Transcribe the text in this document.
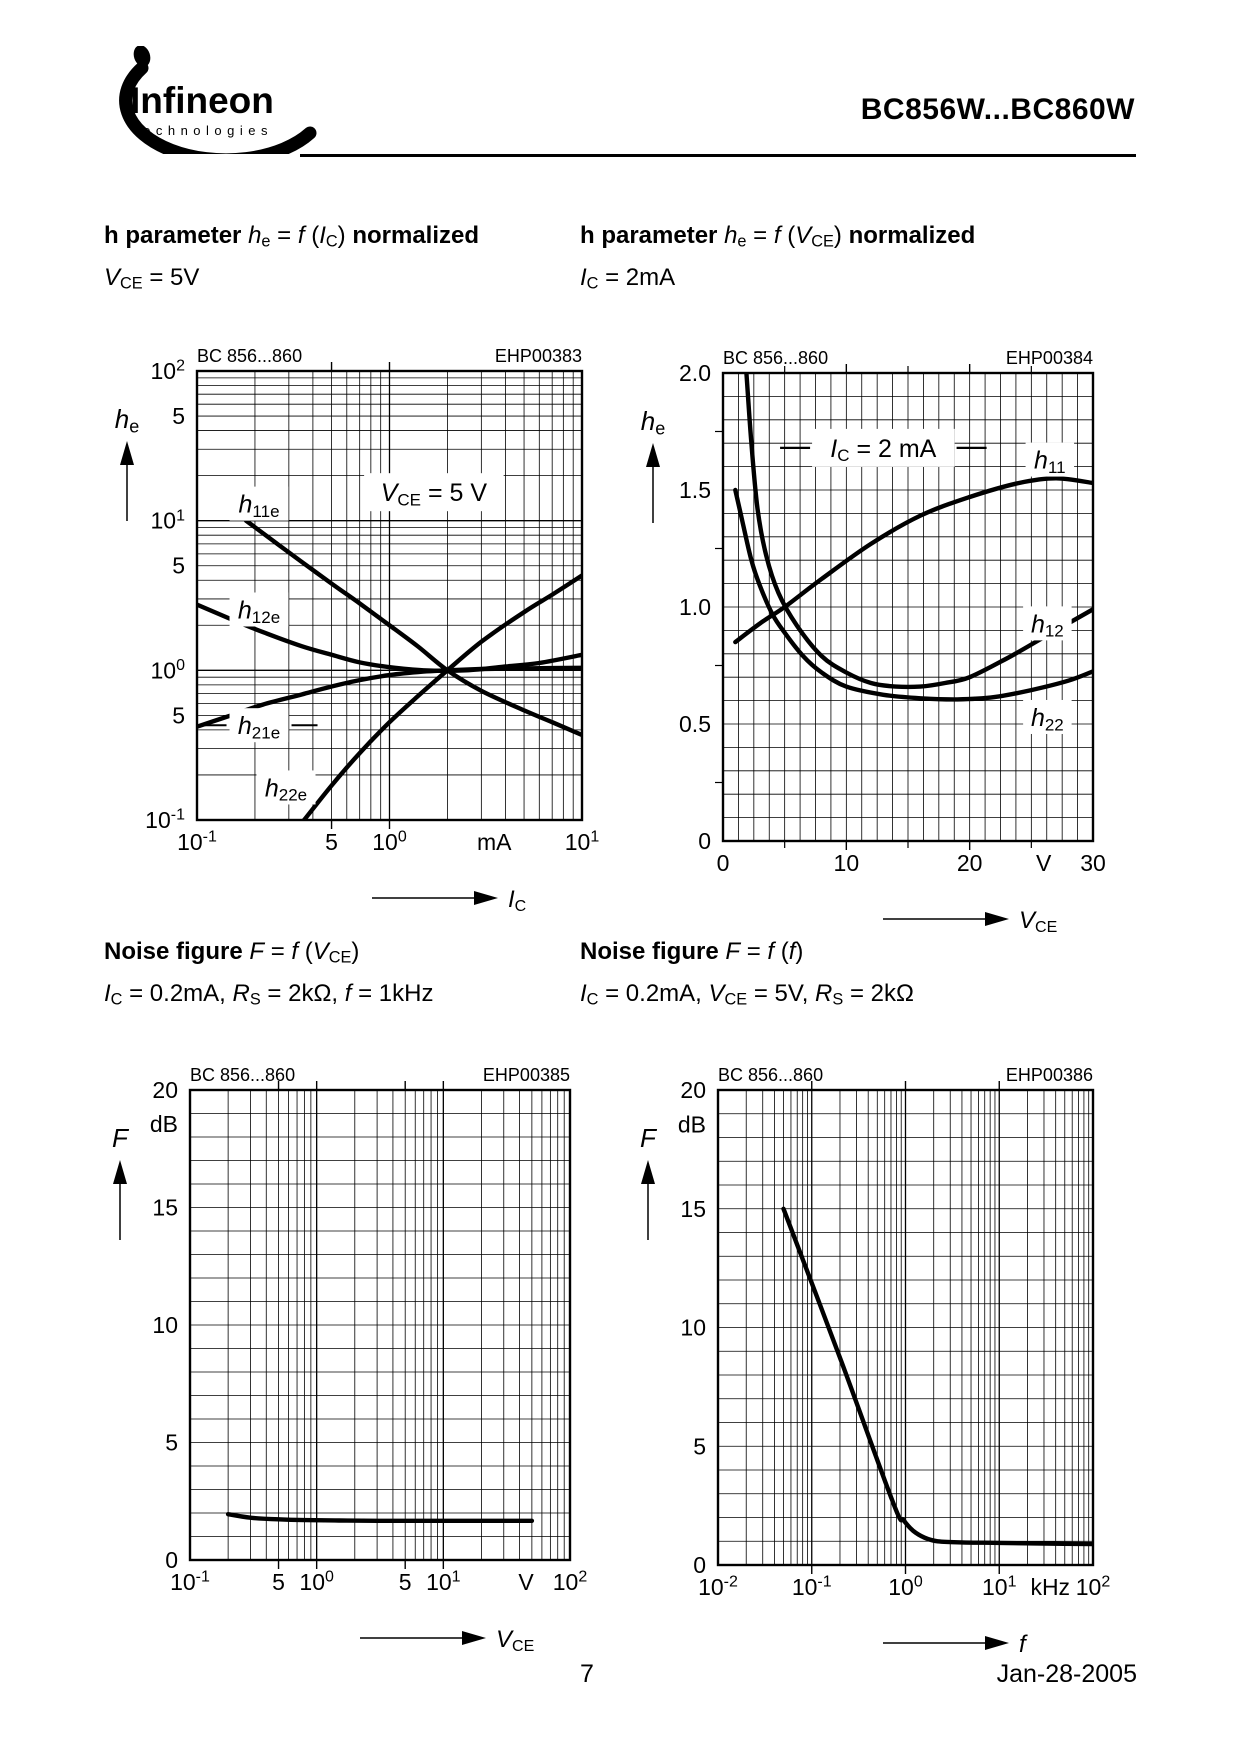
Infineon
technologies
BC856W...BC860W
h parameter he = f (IC) normalized
VCE = 5V
h parameter he = f (VCE) normalized
IC = 2mA
Noise figure F = f (VCE)
IC = 0.2mA, RS = 2kΩ, f = 1kHz
Noise figure F = f (f)
IC = 0.2mA, VCE = 5V, RS = 2kΩ
$10^{-1}$	5 $10^0$	mA $10^1$
$10^2$
5
$10^1$
5
$10^0$
5
$10^{-1}$
BC 856...860	EHP00383
he
IC
VCE = 5 V
h11e
h12e
h21e
h22e
0	10	20 V 30
2.0
1.5
1.0
0.5
0
BC 856...860	EHP00384
he
VCE
IC = 2 mA	h11
h12
h22
$10^{-1}$	5 $10^0$	5 $10^1$	V $10^2$
20
dB
15
10
5
0
BC 856...860	EHP00385
F
VCE
$10^{-2}$ $10^{-1}$ $10^0$	$10^1$ kHz $10^2$
20
dB
15
10
5
0
BC 856...860	EHP00386
F
f
7	Jan-28-2005
